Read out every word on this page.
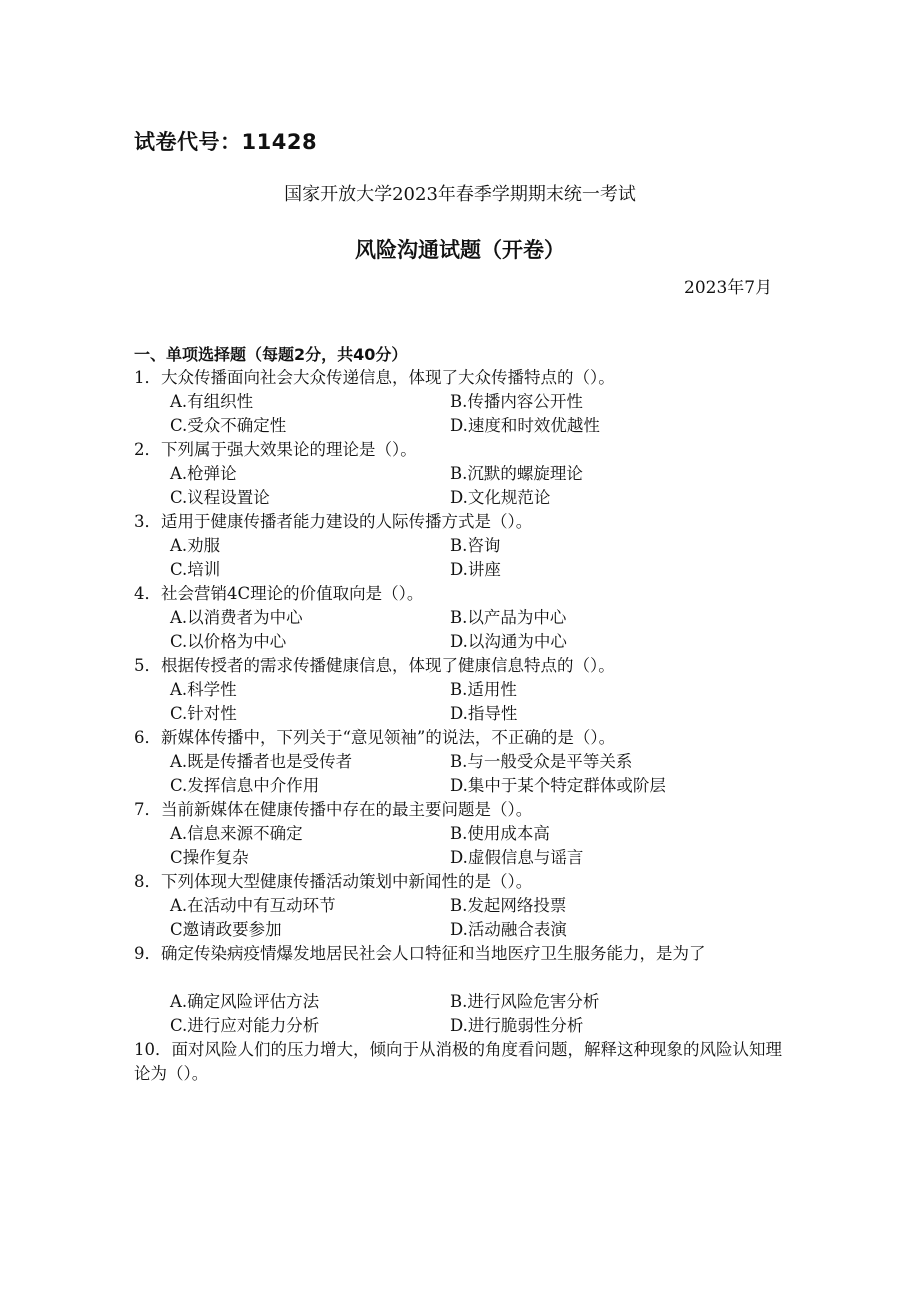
试卷代号：11428
国家开放大学2023年春季学期期末统一考试
风险沟通试题（开卷）
2023年7月
一、单项选择题（每题2分，共40分）
1．大众传播面向社会大众传递信息，体现了大众传播特点的（）。
A.有组织性	B.传播内容公开性
C.受众不确定性	D.速度和时效优越性
2．下列属于强大效果论的理论是（）。
A.枪弹论	B.沉默的螺旋理论
C.议程设置论	D.文化规范论
3．适用于健康传播者能力建设的人际传播方式是（）。
A.劝服	B.咨询
C.培训	D.讲座
4．社会营销4C理论的价值取向是（）。
A.以消费者为中心	B.以产品为中心
C.以价格为中心	D.以沟通为中心
5．根据传授者的需求传播健康信息，体现了健康信息特点的（）。
A.科学性	B.适用性
C.针对性	D.指导性
6．新媒体传播中，下列关于“意见领袖”的说法，不正确的是（）。
A.既是传播者也是受传者	B.与一般受众是平等关系
C.发挥信息中介作用	D.集中于某个特定群体或阶层
7．当前新媒体在健康传播中存在的最主要问题是（）。
A.信息来源不确定	B.使用成本高
C操作复杂	D.虚假信息与谣言
8．下列体现大型健康传播活动策划中新闻性的是（）。
A.在活动中有互动环节	B.发起网络投票
C邀请政要参加	D.活动融合表演
9．确定传染病疫情爆发地居民社会人口特征和当地医疗卫生服务能力，是为了
A.确定风险评估方法	B.进行风险危害分析
C.进行应对能力分析	D.进行脆弱性分析
10．面对风险人们的压力增大，倾向于从消极的角度看问题，解释这种现象的风险认知理论为（）。
